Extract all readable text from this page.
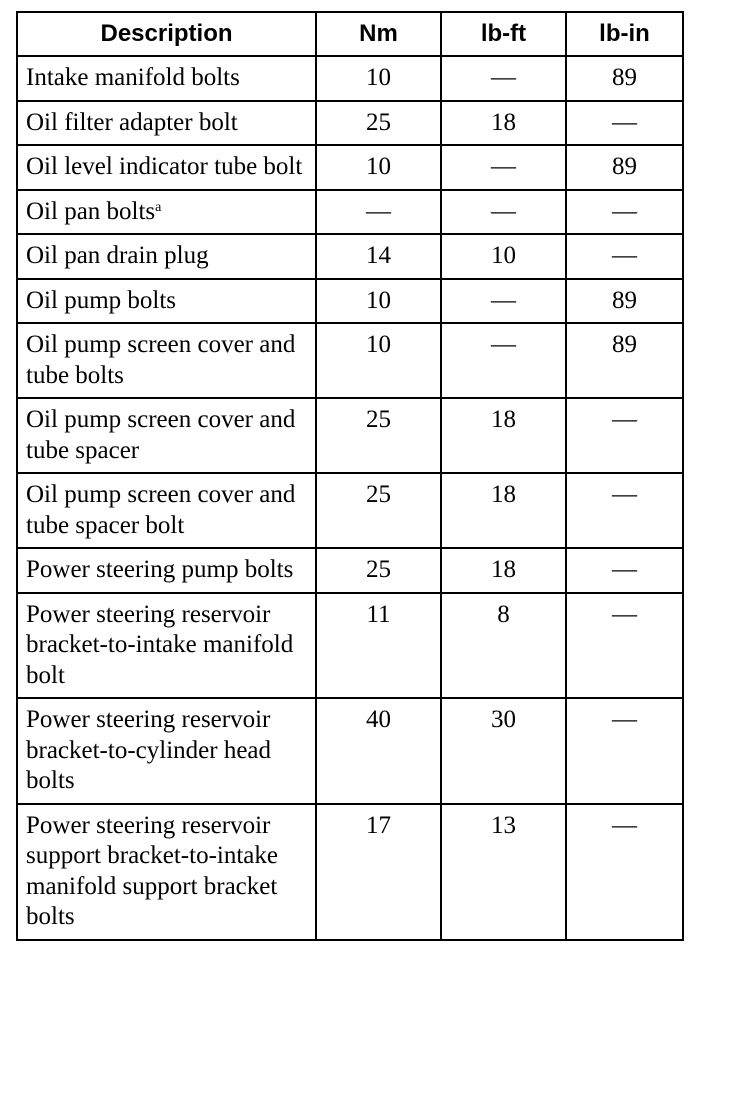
Description	Nm	lb-ft	lb-in
Intake manifold bolts	10	—	89
Oil filter adapter bolt	25	18	—
Oil level indicator tube bolt	10	—	89
Oil pan bolts$^a$	—	—	—
Oil pan drain plug	14	10	—
Oil pump bolts	10	—	89
Oil pump screen cover and tube bolts	10	—	89
Oil pump screen cover and tube spacer	25	18	—
Oil pump screen cover and tube spacer bolt	25	18	—
Power steering pump bolts	25	18	—
Power steering reservoir bracket-to-intake manifold bolt	11	8	—
Power steering reservoir bracket-to-cylinder head bolts	40	30	—
Power steering reservoir support bracket-to-intake manifold support bracket bolts	17	13	—
